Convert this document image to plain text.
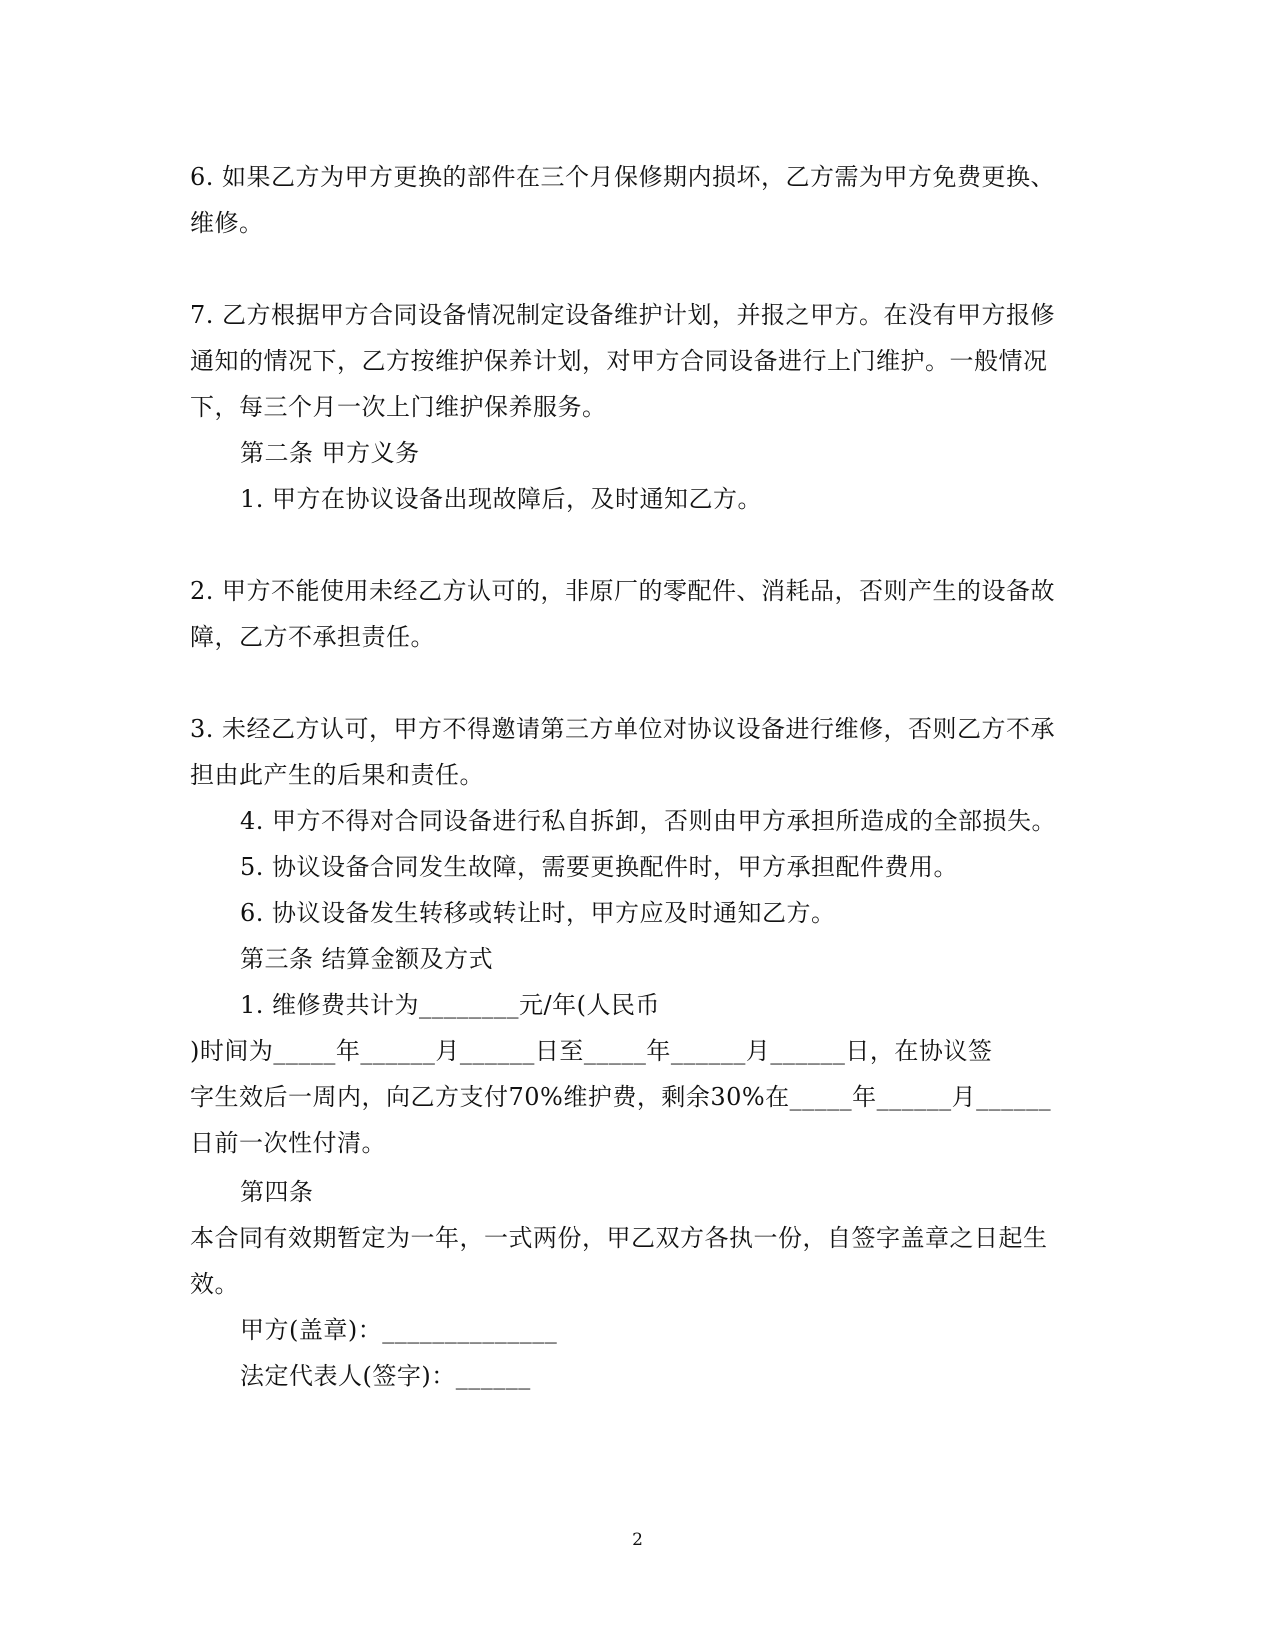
6. 如果乙方为甲方更换的部件在三个月保修期内损坏，乙方需为甲方免费更换、
维修。
7. 乙方根据甲方合同设备情况制定设备维护计划，并报之甲方。在没有甲方报修
通知的情况下，乙方按维护保养计划，对甲方合同设备进行上门维护。一般情况
下，每三个月一次上门维护保养服务。
第二条 甲方义务
1. 甲方在协议设备出现故障后，及时通知乙方。
2. 甲方不能使用未经乙方认可的，非原厂的零配件、消耗品，否则产生的设备故
障，乙方不承担责任。
3. 未经乙方认可，甲方不得邀请第三方单位对协议设备进行维修，否则乙方不承
担由此产生的后果和责任。
4. 甲方不得对合同设备进行私自拆卸，否则由甲方承担所造成的全部损失。
5. 协议设备合同发生故障，需要更换配件时，甲方承担配件费用。
6. 协议设备发生转移或转让时，甲方应及时通知乙方。
第三条 结算金额及方式
1. 维修费共计为________元/年(人民币
)时间为_____年______月______日至_____年______月______日，在协议签
字生效后一周内，向乙方支付70%维护费，剩余30%在_____年______月______
日前一次性付清。
第四条
本合同有效期暂定为一年，一式两份，甲乙双方各执一份，自签字盖章之日起生
效。
甲方(盖章)：______________
法定代表人(签字)：______
2
